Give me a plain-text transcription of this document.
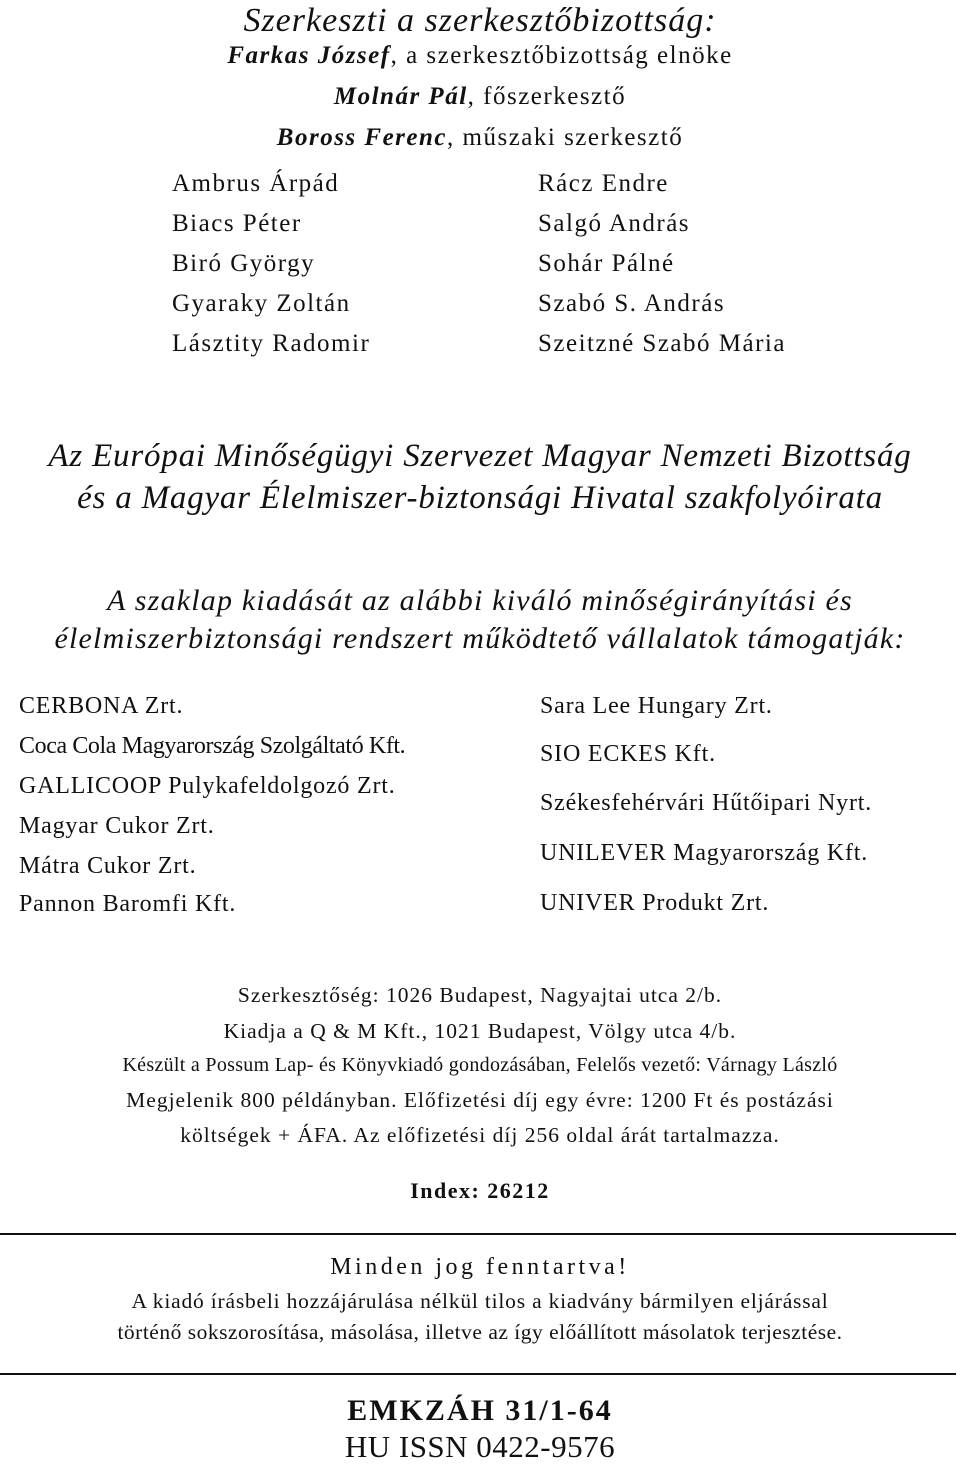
Szerkeszti a szerkesztőbizottság:
Farkas József, a szerkesztőbizottság elnöke
Molnár Pál, főszerkesztő
Boross Ferenc, műszaki szerkesztő
Ambrus Árpád
Biacs Péter
Biró György
Gyaraky Zoltán
Lásztity Radomir
Rácz Endre
Salgó András
Sohár Pálné
Szabó S. András
Szeitzné Szabó Mária
Az Európai Minőségügyi Szervezet Magyar Nemzeti Bizottság
és a Magyar Élelmiszer-biztonsági Hivatal szakfolyóirata
A szaklap kiadását az alábbi kiváló minőségirányítási és
élelmiszerbiztonsági rendszert működtető vállalatok támogatják:
CERBONA Zrt.
Coca Cola Magyarország Szolgáltató Kft.
GALLICOOP Pulykafeldolgozó Zrt.
Magyar Cukor Zrt.
Mátra Cukor Zrt.
Pannon Baromfi Kft.
Sara Lee Hungary Zrt.
SIO ECKES Kft.
Székesfehérvári Hűtőipari Nyrt.
UNILEVER Magyarország Kft.
UNIVER Produkt Zrt.
Szerkesztőség: 1026 Budapest, Nagyajtai utca 2/b.
Kiadja a Q & M Kft., 1021 Budapest, Völgy utca 4/b.
Készült a Possum Lap- és Könyvkiadó gondozásában, Felelős vezető: Várnagy László
Megjelenik 800 példányban. Előfizetési díj egy évre: 1200 Ft és postázási
költségek + ÁFA. Az előfizetési díj 256 oldal árát tartalmazza.
Index: 26212
Minden jog fenntartva!
A kiadó írásbeli hozzájárulása nélkül tilos a kiadvány bármilyen eljárással
történő sokszorosítása, másolása, illetve az így előállított másolatok terjesztése.
EMKZÁH 31/1-64
HU ISSN 0422-9576
